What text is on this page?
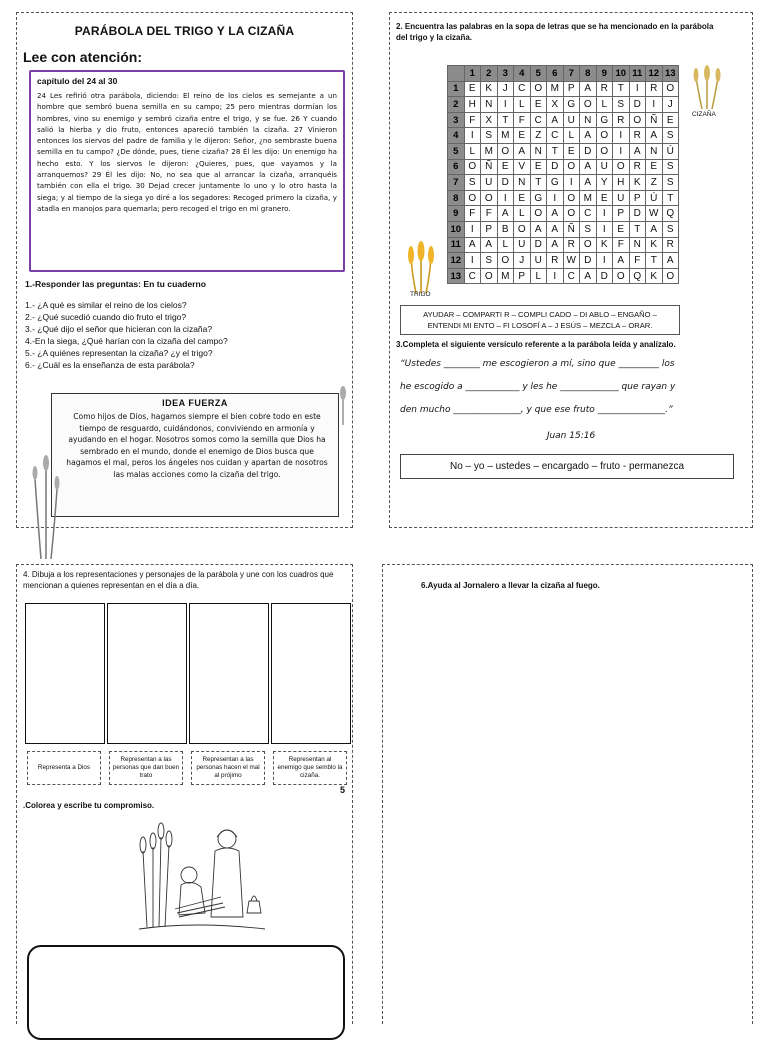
PARÁBOLA DEL TRIGO Y LA CIZAÑA
Lee con atención:

capítulo del 24 al 30

24 Les refirió otra parábola, diciendo: El reino de los cielos es semejante a un hombre que sembró buena semilla en su campo; 25 pero mientras dormían los hombres, vino su enemigo y sembró cizaña entre el trigo, y se fue. 26 Y cuando salió la hierba y dio fruto, entonces apareció también la cizaña. 27 Vinieron entonces los siervos del padre de familia y le dijeron: Señor, ¿no sembraste buena semilla en tu campo? ¿De dónde, pues, tiene cizaña? 28 Él les dijo: Un enemigo ha hecho esto. Y los siervos le dijeron: ¿Quieres, pues, que vayamos y la arranquemos? 29 Él les dijo: No, no sea que al arrancar la cizaña, arranquéis también con ella el trigo. 30 Dejad crecer juntamente lo uno y lo otro hasta la siega; y al tiempo de la siega yo diré a los segadores: Recoged primero la cizaña, y atadla en manojos para quemarla; pero recoged el trigo en mi granero.

1.-Responder las preguntas: En tu cuaderno
1.- ¿A qué es similar el reino de los cielos?
2.- ¿Qué sucedió cuando dio fruto el trigo?
3.- ¿Qué dijo el señor que hicieran con la cizaña?
4.-En la siega, ¿Qué harían con la cizaña del campo?
5.- ¿A quiénes representan la cizaña? ¿y el trigo?
6.- ¿Cuál es la enseñanza de esta parábola?
IDEA FUERZA
Como hijos de Dios, hagamos siempre el bien cobre todo en este tiempo de resguardo, cuidándonos, conviviendo en armonía y ayudando en el hogar. Nosotros somos como la semilla que Dios ha sembrado en el mundo, donde el enemigo de Dios busca que hagamos el mal, peros los ángeles nos cuidan y apartan de nosotros las malas acciones como la cizaña del trigo.
2. Encuentra las palabras en la sopa de letras que se ha mencionado en la parábola del trigo y la cizaña.
	1	2	3	4	5	6	7	8	9	10	11	12	13
1	E	K	J	C	O	M	P	A	R	T	I	R	O
2	H	N	I	L	E	X	G	O	L	S	D	I	J
3	F	X	T	F	C	A	U	N	G	R	O	Ñ	E
4	I	S	M	E	Z	C	L	A	O	I	R	A	S
5	L	M	O	A	N	T	E	D	O	I	A	N	Ú
6	O	Ñ	E	V	E	D	O	A	U	O	R	E	S
7	S	U	D	N	T	G	I	A	Y	H	K	Z	S
8	O	O	I	E	G	I	O	M	E	U	P	Ú	T
9	F	F	A	L	O	A	O	C	I	P	D	W	Q
10	I	P	B	O	A	A	Ñ	S	I	E	T	A	S
11	A	A	L	U	D	A	R	O	K	F	N	K	R
12	I	S	O	J	U	R	W	D	I	A	F	T	A
13	C	O	M	P	L	I	C	A	D	O	Q	K	O
CIZAÑA
TRIGO
AYUDAR – COMPARTI R – COMPLI CADO – DI ABLO – ENGAÑO –
ENTENDI MI ENTO – FI LOSOFÍ A – J ESÚS – MEZCLA – ORAR.
3.Completa el siguiente versículo referente a la parábola leída y analízalo.
“Ustedes ________ me escogieron a mí, sino que _________ los
he escogido a ____________ y les he _____________ que rayan y
den mucho _______________, y que ese fruto _______________.”
Juan 15:16
No – yo – ustedes – encargado – fruto - permanezca
4. Dibuja a los representaciones y personajes de la parábola y une con los cuadros que mencionan a quienes representan en el día a día.
Representa a Dios
Representan a las personas que dan buen trato
Representan a las personas hacen el mal al prójimo
Representan al enemigo que semblo la cizaña.
5
.Colorea y escribe tu compromiso.
6.Ayuda al Jornalero a llevar la cizaña al fuego.
